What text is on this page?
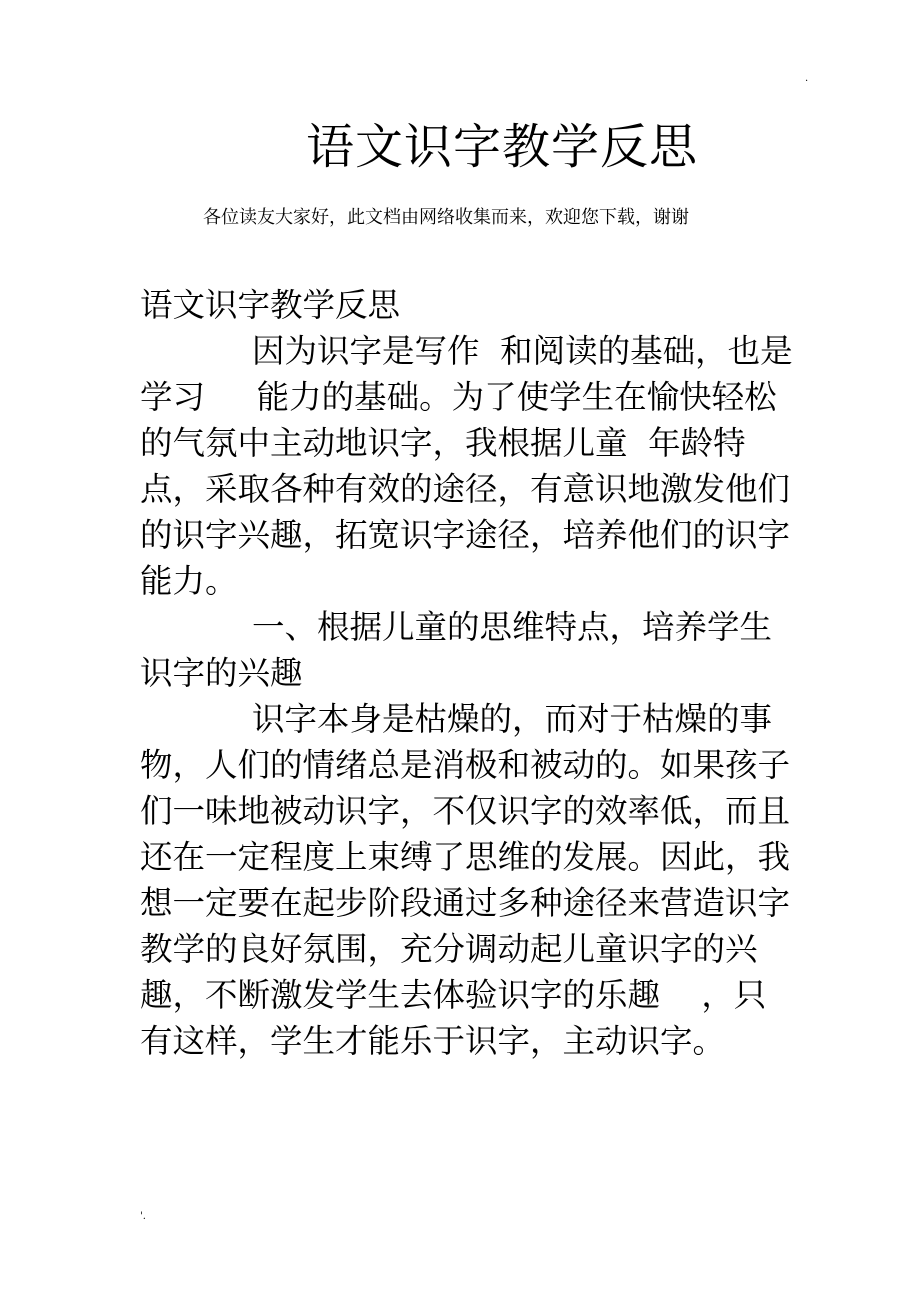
.
语文识字教学反思

各位读友大家好，此文档由网络收集而来，欢迎您下载，谢谢

语文识字教学反思

因为识字是写作  和阅读的基础，也是学习     能力的基础。为了使学生在愉快轻松的气氛中主动地识字，我根据儿童  年龄特点，采取各种有效的途径，有意识地激发他们的识字兴趣，拓宽识字途径，培养他们的识字能力。

一、根据儿童的思维特点，培养学生识字的兴趣

识字本身是枯燥的，而对于枯燥的事物，人们的情绪总是消极和被动的。如果孩子们一味地被动识字，不仅识字的效率低，而且还在一定程度上束缚了思维的发展。因此，我想一定要在起步阶段通过多种途径来营造识字教学的良好氛围，充分调动起儿童识字的兴趣，不断激发学生去体验识字的乐趣    ，只有这样，学生才能乐于识字，主动识字。

'.
